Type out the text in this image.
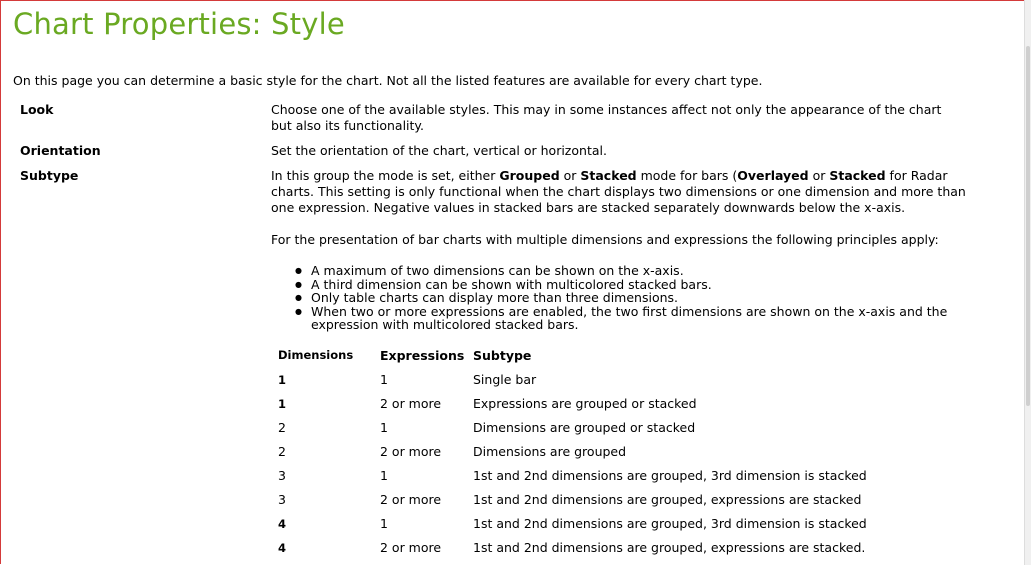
Chart Properties: Style

On this page you can determine a basic style for the chart. Not all the listed features are available for every chart type.

Look	Choose one of the available styles. This may in some instances affect not only the appearance of the chart
but also its functionality.
Orientation	Set the orientation of the chart, vertical or horizontal.
Subtype	In this group the mode is set, either Grouped or Stacked mode for bars (Overlayed or Stacked for Radar
charts. This setting is only functional when the chart displays two dimensions or one dimension and more than
one expression. Negative values in stacked bars are stacked separately downwards below the x-axis.
For the presentation of bar charts with multiple dimensions and expressions the following principles apply:
● A maximum of two dimensions can be shown on the x-axis.
● A third dimension can be shown with multicolored stacked bars.
● Only table charts can display more than three dimensions.
● When two or more expressions are enabled, the two first dimensions are shown on the x-axis and the
expression with multicolored stacked bars.
Dimensions Expressions Subtype
1	1	Single bar
1	2 or more	Expressions are grouped or stacked
2	1	Dimensions are grouped or stacked
2	2 or more	Dimensions are grouped
3	1	1st and 2nd dimensions are grouped, 3rd dimension is stacked
3	2 or more	1st and 2nd dimensions are grouped, expressions are stacked
4	1	1st and 2nd dimensions are grouped, 3rd dimension is stacked
4	2 or more	1st and 2nd dimensions are grouped, expressions are stacked.
